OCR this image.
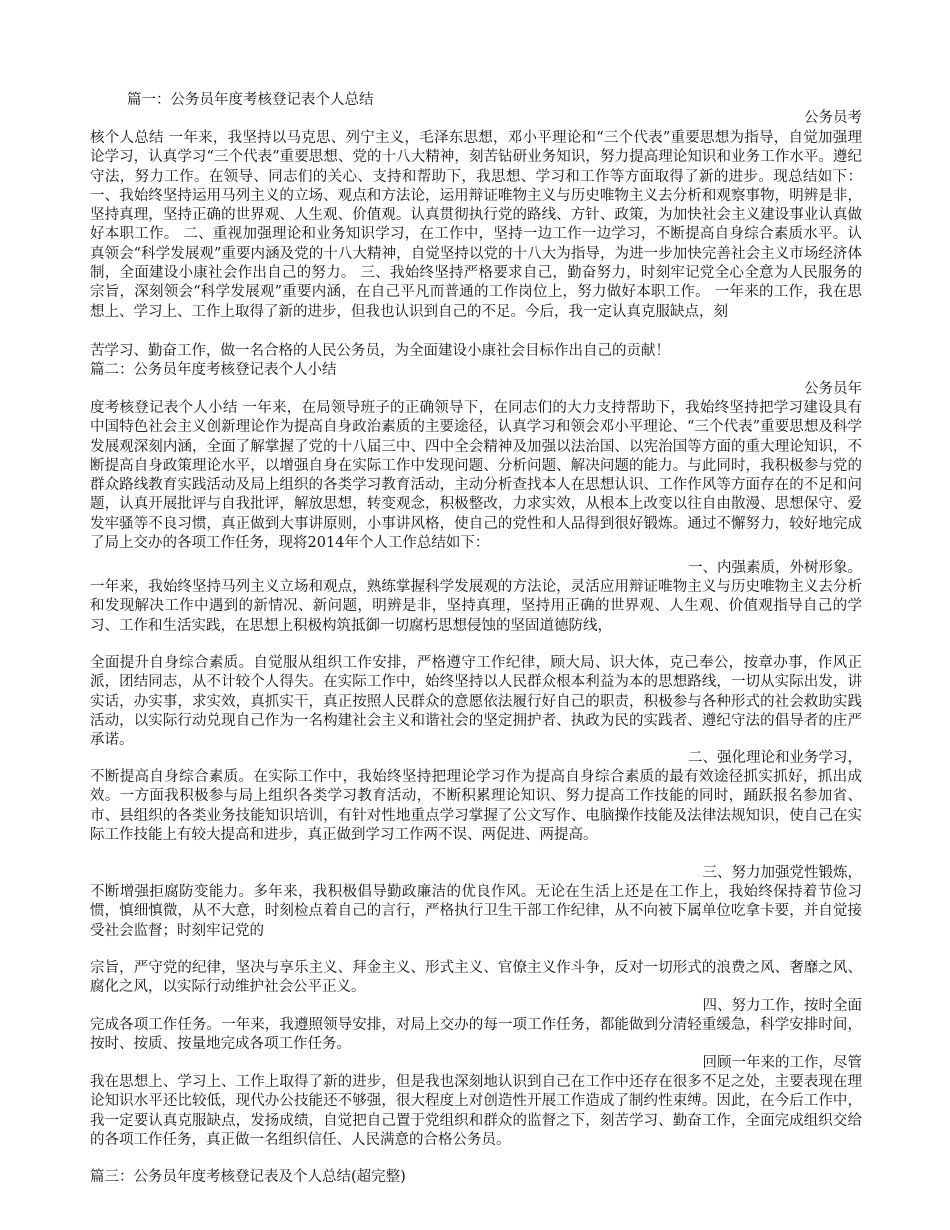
篇一：公务员年度考核登记表个人总结

公务员考

核个人总结 一年来，我坚持以马克思、列宁主义，毛泽东思想，邓小平理论和“三个代表”重要思想为指导，自觉加强理论学习，认真学习“三个代表”重要思想、党的十八大精神，刻苦钻研业务知识，努力提高理论知识和业务工作水平。遵纪守法，努力工作。在领导、同志们的关心、支持和帮助下，我思想、学习和工作等方面取得了新的进步。现总结如下： 一、我始终坚持运用马列主义的立场、观点和方法论，运用辩证唯物主义与历史唯物主义去分析和观察事物，明辨是非，坚持真理，坚持正确的世界观、人生观、价值观。认真贯彻执行党的路线、方针、政策，为加快社会主义建设事业认真做好本职工作。 二、重视加强理论和业务知识学习，在工作中，坚持一边工作一边学习，不断提高自身综合素质水平。认真领会“科学发展观”重要内涵及党的十八大精神，自觉坚持以党的十八大为指导，为进一步加快完善社会主义市场经济体制，全面建设小康社会作出自己的努力。 三、我始终坚持严格要求自己，勤奋努力，时刻牢记党全心全意为人民服务的宗旨，深刻领会“科学发展观”重要内涵，在自己平凡而普通的工作岗位上，努力做好本职工作。 一年来的工作，我在思想上、学习上、工作上取得了新的进步，但我也认识到自己的不足。今后，我一定认真克服缺点，刻

苦学习、勤奋工作，做一名合格的人民公务员，为全面建设小康社会目标作出自己的贡献！

篇二：公务员年度考核登记表个人小结

公务员年

度考核登记表个人小结 一年来，在局领导班子的正确领导下，在同志们的大力支持帮助下，我始终坚持把学习建设具有中国特色社会主义创新理论作为提高自身政治素质的主要途径，认真学习和领会邓小平理论、“三个代表”重要思想及科学发展观深刻内涵，全面了解掌握了党的十八届三中、四中全会精神及加强以法治国、以宪治国等方面的重大理论知识，不断提高自身政策理论水平，以增强自身在实际工作中发现问题、分析问题、解决问题的能力。与此同时，我积极参与党的群众路线教育实践活动及局上组织的各类学习教育活动，主动分析查找本人在思想认识、工作作风等方面存在的不足和问题，认真开展批评与自我批评，解放思想，转变观念，积极整改，力求实效，从根本上改变以往自由散漫、思想保守、爱发牢骚等不良习惯，真正做到大事讲原则，小事讲风格，使自己的党性和人品得到很好锻炼。通过不懈努力，较好地完成了局上交办的各项工作任务，现将2014年个人工作总结如下：

一、内强素质，外树形象。

一年来，我始终坚持马列主义立场和观点，熟练掌握科学发展观的方法论，灵活应用辩证唯物主义与历史唯物主义去分析和发现解决工作中遇到的新情况、新问题，明辨是非，坚持真理，坚持用正确的世界观、人生观、价值观指导自己的学习、工作和生活实践，在思想上积极构筑抵御一切腐朽思想侵蚀的坚固道德防线，

全面提升自身综合素质。自觉服从组织工作安排，严格遵守工作纪律，顾大局、识大体，克己奉公，按章办事，作风正派，团结同志，从不计较个人得失。在实际工作中，始终坚持以人民群众根本利益为本的思想路线，一切从实际出发，讲实话，办实事，求实效，真抓实干，真正按照人民群众的意愿依法履行好自己的职责，积极参与各种形式的社会救助实践活动，以实际行动兑现自己作为一名构建社会主义和谐社会的坚定拥护者、执政为民的实践者、遵纪守法的倡导者的庄严承诺。

二、强化理论和业务学习，

不断提高自身综合素质。在实际工作中，我始终坚持把理论学习作为提高自身综合素质的最有效途径抓实抓好，抓出成效。一方面我积极参与局上组织各类学习教育活动，不断积累理论知识、努力提高工作技能的同时，踊跃报名参加省、市、县组织的各类业务技能知识培训，有针对性地重点学习掌握了公文写作、电脑操作技能及法律法规知识，使自己在实际工作技能上有较大提高和进步，真正做到学习工作两不误、两促进、两提高。

三、努力加强党性锻炼，

不断增强拒腐防变能力。多年来，我积极倡导勤政廉洁的优良作风。无论在生活上还是在工作上，我始终保持着节俭习惯，慎细慎微，从不大意，时刻检点着自己的言行，严格执行卫生干部工作纪律，从不向被下属单位吃拿卡要，并自觉接受社会监督；时刻牢记党的

宗旨，严守党的纪律，坚决与享乐主义、拜金主义、形式主义、官僚主义作斗争，反对一切形式的浪费之风、奢靡之风、腐化之风，以实际行动维护社会公平正义。

四、努力工作，按时全面

完成各项工作任务。一年来，我遵照领导安排，对局上交办的每一项工作任务，都能做到分清轻重缓急，科学安排时间，按时、按质、按量地完成各项工作任务。

回顾一年来的工作，尽管

我在思想上、学习上、工作上取得了新的进步，但是我也深刻地认识到自己在工作中还存在很多不足之处，主要表现在理论知识水平还比较低，现代办公技能还不够强，很大程度上对创造性开展工作造成了制约性束缚。因此，在今后工作中，我一定要认真克服缺点，发扬成绩，自觉把自己置于党组织和群众的监督之下，刻苦学习、勤奋工作，全面完成组织交给的各项工作任务，真正做一名组织信任、人民满意的合格公务员。

篇三：公务员年度考核登记表及个人总结(超完整)
